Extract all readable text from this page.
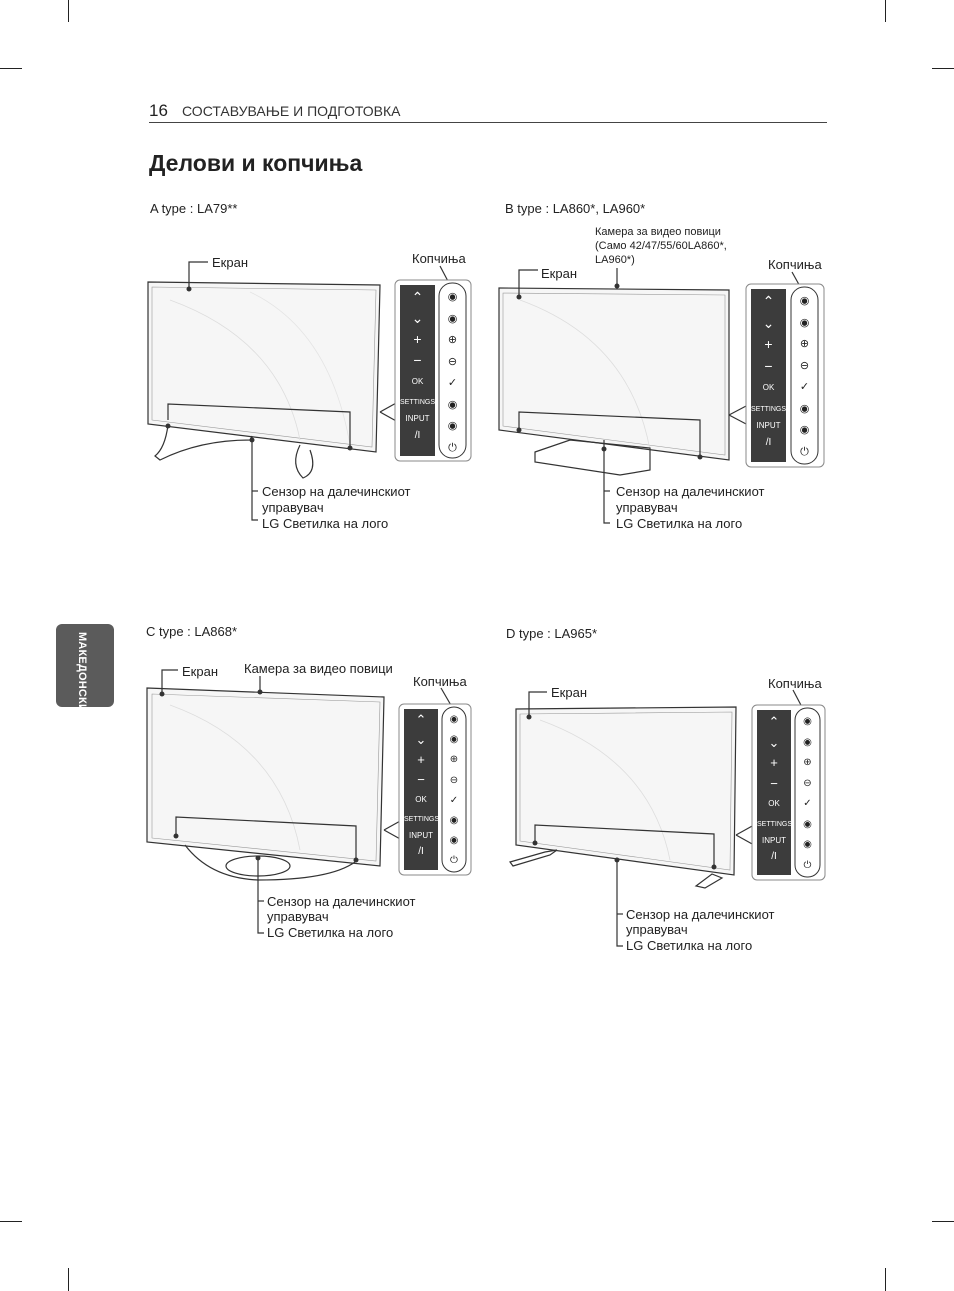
16 СОСТАВУВАЊЕ И ПОДГОТОВКА
Делови и копчиња
МАКЕДОНСКИ
A type : LA79**
Екран	Копчиња
Сензор на далечинскиот
управувач
LG Светилка на лого
⌃
⌄
+
−
OK
SETTINGS
INPUT
/I
◉
◉
⊕
⊖
✓
◉
◉
⏻
B type : LA860*, LA960*
Камера за видео повици
(Само 42/47/55/60LA860*,
LA960*)
Екран
Копчиња
Сензор на далечинскиот
управувач
LG Светилка на лого
⌃
⌄
+
−
OK
SETTINGS
INPUT
/I
◉
◉
⊕
⊖
✓
◉
◉
⏻
C type : LA868*
Екран Камера за видео повици
Копчиња
Сензор на далечинскиот
управувач
LG Светилка на лого
⌃
⌄
+
−
OK
SETTINGS
INPUT
/I
◉
◉
⊕
⊖
✓
◉
◉
⏻
D type : LA965*
Екран
Копчиња
Сензор на далечинскиот
управувач
LG Светилка на лого
⌃
⌄
+
−
OK
SETTINGS
INPUT
/I
◉
◉
⊕
⊖
✓
◉
◉
⏻
